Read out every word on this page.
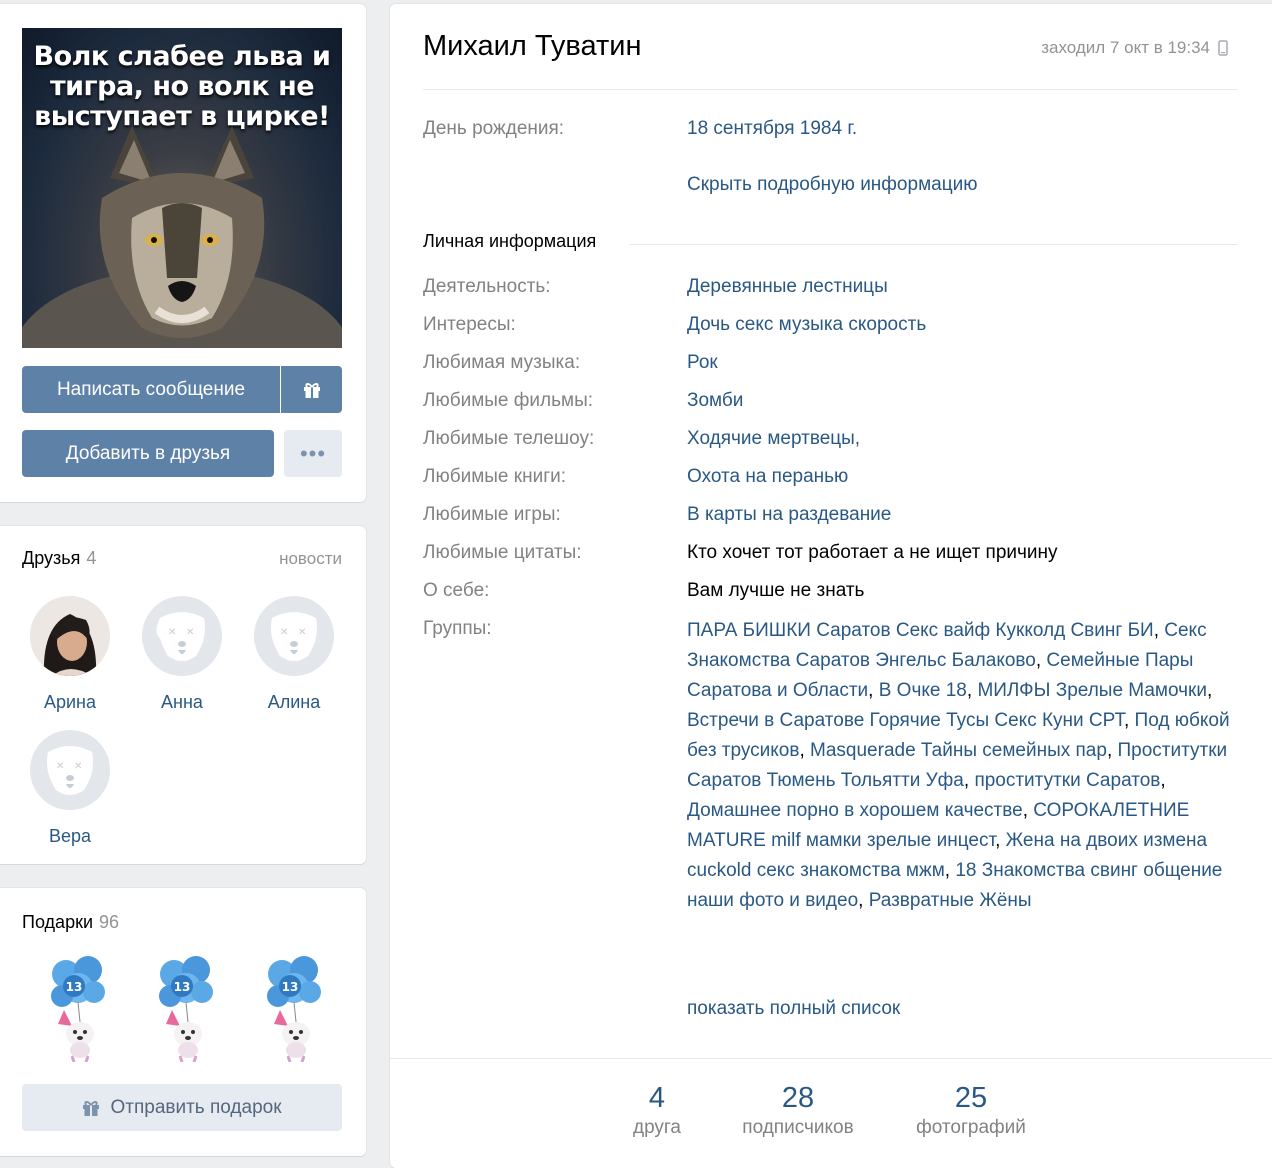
Волк слабее льва и
тигра, но волк не
выступает в цирке!
Написать сообщение
Добавить в друзья	•••
Друзья 4	новости
Арина
✕ ✕
Анна
✕ ✕
Алина
✕ ✕
Вера
Подарки 96
13	13	13
Отправить подарок
Михаил Туватин	заходил 7 окт в 19:34
День рождения:	18 сентября 1984 г.
Скрыть подробную информацию
Личная информация
Деятельность:	Деревянные лестницы
Интересы:	Дочь секс музыка скорость
Любимая музыка:	Рок
Любимые фильмы:	Зомби
Любимые телешоу:	Ходячие мертвецы,
Любимые книги:	Охота на перанью
Любимые игры:	В карты на раздевание
Любимые цитаты:	Кто хочет тот работает а не ищет причину
О себе:	Вам лучше не знать
Группы:	ПАРА БИШКИ Саратов Секс вайф Кукколд Свинг БИ, Секс Знакомства Саратов Энгельс Балаково, Семейные Пары Саратова и Области, В Очке 18, МИЛФЫ Зрелые Мамочки, Встречи в Саратове Горячие Тусы Секс Куни СРТ, Под юбкой без трусиков, Masquerade Тайны семейных пар, Проститутки Саратов Тюмень Тольятти Уфа, проститутки Саратов, Домашнее порно в хорошем качестве, СОРОКАЛЕТНИЕ MATURE milf мамки зрелые инцест, Жена на двоих измена cuckold секс знакомства мжм, 18 Знакомства свинг общение наши фото и видео, Развратные Жёны
показать полный список
4
друга
28
подписчиков
25
фотографий
